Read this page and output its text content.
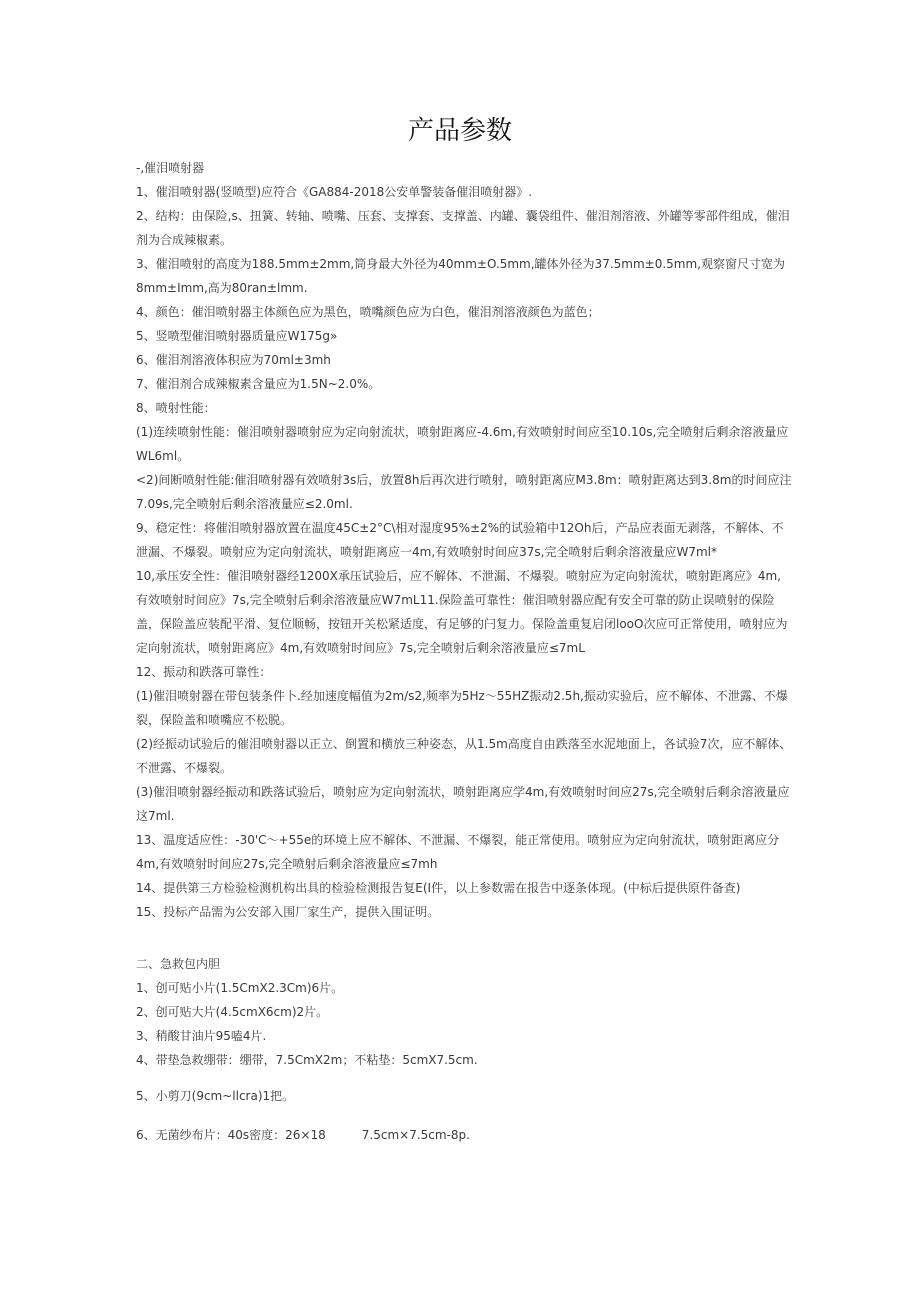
产品参数

-,催泪喷射器

1、催泪喷射器(竖喷型)应符合《GA884-2018公安单警装备催泪喷射器》.

2、结构：由保险,s、扭簧、转轴、喷嘴、压套、支撑套、支撑盖、内罐、囊袋组件、催泪剂溶液、外罐等零部件组成，催泪剂为合成辣椒素。

3、催泪喷射的高度为188.5mm±2mm,筒身最大外径为40mm±O.5mm,罐体外径为37.5mm±0.5mm,观察窗尺寸宽为8mm±Imm,高为80ran±lmm.

4、颜色：催泪喷射器主体颜色应为黑色，喷嘴颜色应为白色，催泪剂溶液颜色为蓝色；

5、竖喷型催泪喷射器质量应W175g»

6、催泪剂溶液体积应为70ml±3mh

7、催泪剂合成辣椒素含量应为1.5N~2.0%。

8、喷射性能：

(1)连续喷射性能：催泪喷射器喷射应为定向射流状，喷射距离应-4.6m,有效喷射时间应至10.10s,完全喷射后剩余溶液量应WL6ml。

<2)间断喷射性能:催泪喷射器有效喷射3s后，放置8h后再次进行喷射，喷射距离应M3.8m：喷射距离达到3.8m的时间应注7.09s,完全喷射后剩余溶液量应≤2.0ml.

9、稳定性：将催泪喷射器放置在温度45C±2°C\相对湿度95%±2%的试验箱中12Oh后，产品应表面无剥落，不解体、不泄漏、不爆裂。喷射应为定向射流状，喷射距离应一4m,有效喷射时间应37s,完全喷射后剩余溶液量应W7ml*

10,承压安全性：催泪喷射器经1200X承压试验后，应不解体、不泄漏、不爆裂。喷射应为定向射流状，喷射距离应》4m,有效喷射时间应》7s,完全喷射后剩余溶液量应W7mL11.保险盖可靠性：催泪喷射器应配有安全可靠的防止误喷射的保险盖，保险盖应装配平滑、复位顺畅，按钮开关松紧适度，有足够的闩复力。保险盖重复启闭looO次应可正常使用，喷射应为定向射流状，喷射距离应》4m,有效喷射时间应》7s,完全喷射后剩余溶液量应≤7mL

12、振动和跌落可靠性：

(1)催泪喷射器在带包装条件卜.经加速度幅值为2m/s2,频率为5Hz～55HZ振动2.5h,振动实验后，应不解体、不泄露、不爆裂，保险盖和喷嘴应不松脱。

(2)经振动试验后的催泪喷射器以正立、倒置和横放三种姿态，从1.5m高度自由跌落至水泥地面上，各试验7次，应不解体、不泄露、不爆裂。

(3)催泪喷射器经振动和跌落试验后，喷射应为定向射流状，喷射距离应学4m,有效喷射时间应27s,完全喷射后剩余溶液量应这7ml.

13、温度适应性：-30'C～+55e的环境上应不解体、不泄漏、不爆裂，能正常使用。喷射应为定向射流状，喷射距离应分4m,有效喷射时间应27s,完全喷射后剩余溶液量应≤7mh

14、提供第三方检验检测机构出具的检验检测报告复E(I件，以上参数需在报告中逐条体现。(中标后提供原件备查)

15、投标产品需为公安部入围厂家生产，提供入围证明。

二、急救包内胆

1、创可贴小片(1.5CmX2.3Cm)6片。

2、创可贴大片(4.5cmX6cm)2片。

3、稍酸甘油片95嗑4片.

4、带垫急救绷带：绷带，7.5CmX2m；不粘垫：5cmX7.5cm.

5、小剪刀(9cm~llcra)1把。

6、无菌纱布片：40s密度：26×18	7.5cm×7.5cm-8p.
